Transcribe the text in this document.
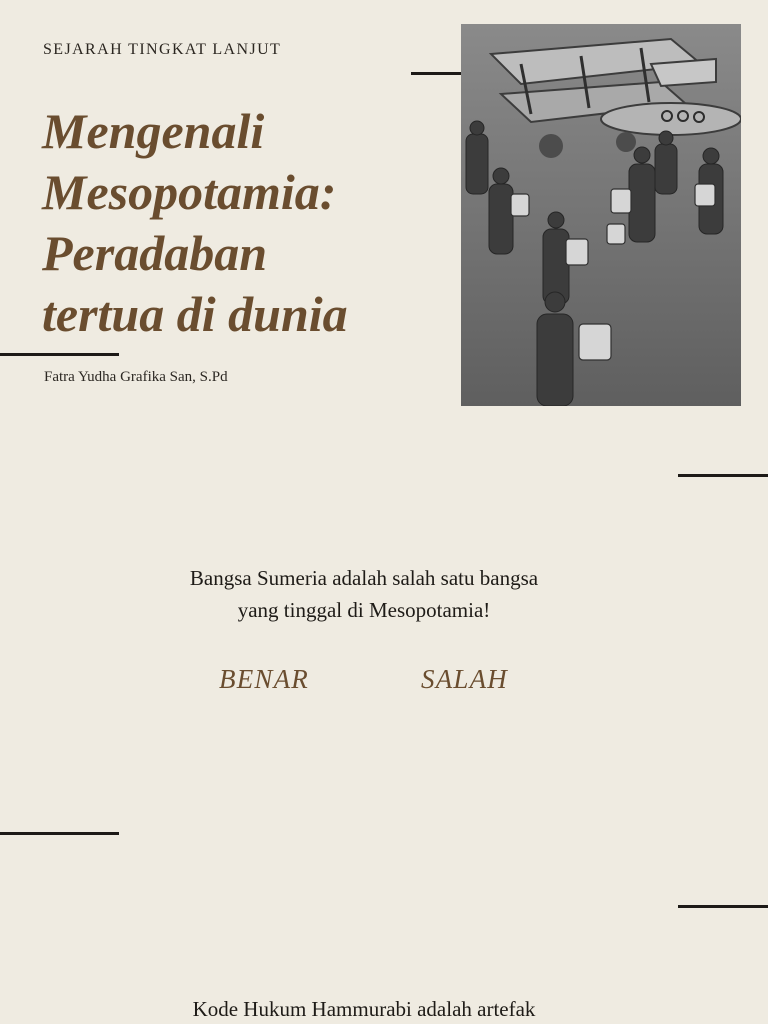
SEJARAH TINGKAT LANJUT
Mengenali
Mesopotamia:
Peradaban
tertua di dunia
Fatra Yudha Grafika San, S.Pd
Bangsa Sumeria adalah salah satu bangsa
yang tinggal di Mesopotamia!
BENAR	SALAH
Kode Hukum Hammurabi adalah artefak
